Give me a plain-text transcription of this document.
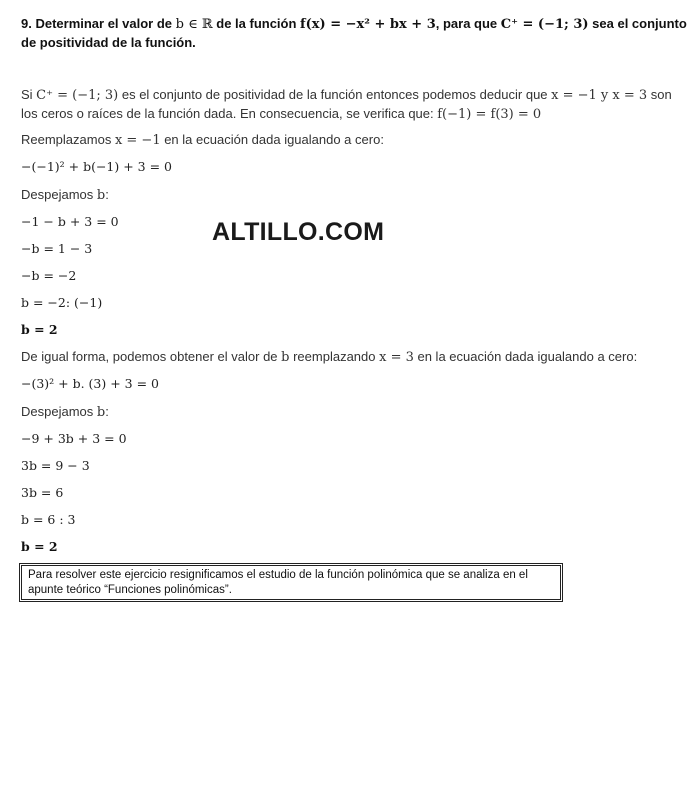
9. Determinar el valor de b ∈ ℝ de la función f(x) = −x² + bx + 3, para que C⁺ = (−1; 3) sea el conjunto de positividad de la función.
Si C⁺ = (−1; 3) es el conjunto de positividad de la función entonces podemos deducir que x = −1 y x = 3 son los ceros o raíces de la función dada. En consecuencia, se verifica que: f(−1) = f(3) = 0
Reemplazamos x = −1 en la ecuación dada igualando a cero:
−(−1)² + b(−1) + 3 = 0
Despejamos b:
−1 − b + 3 = 0
−b = 1 − 3
−b = −2
b = −2: (−1)
b = 2
De igual forma, podemos obtener el valor de b reemplazando x = 3 en la ecuación dada igualando a cero:
−(3)² + b. (3) + 3 = 0
Despejamos b:
−9 + 3b + 3 = 0
3b = 9 − 3
3b = 6
b = 6 : 3
b = 2
ALTILLO.COM
Para resolver este ejercicio resignificamos el estudio de la función polinómica que se analiza en el apunte teórico “Funciones polinómicas”.
